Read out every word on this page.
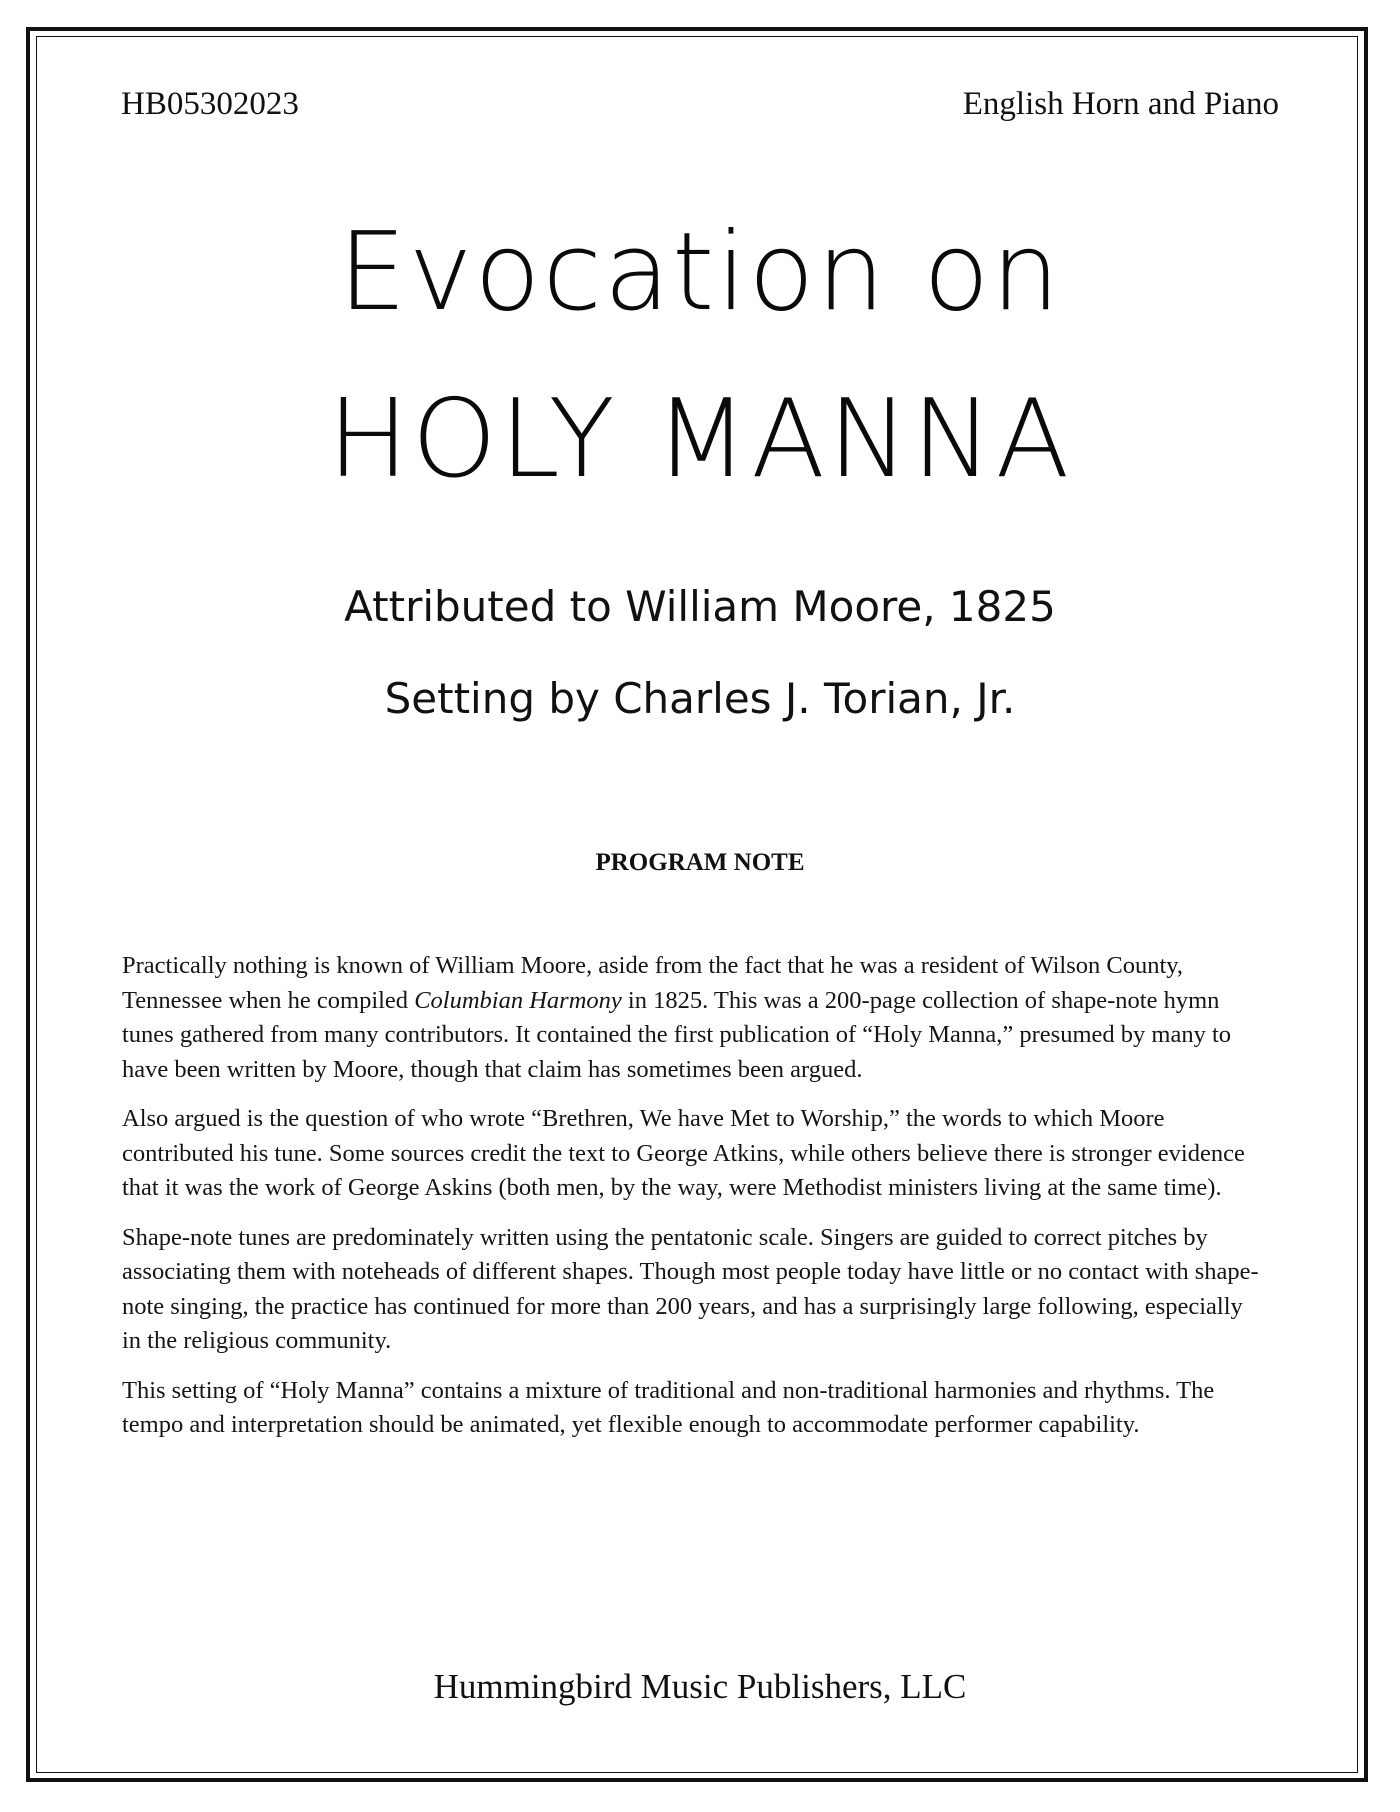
HB05302023	English Horn and Piano
Evocation on
HOLY MANNA
Attributed to William Moore, 1825
Setting by Charles J. Torian, Jr.
PROGRAM NOTE

Practically nothing is known of William Moore, aside from the fact that he was a resident of Wilson County, Tennessee when he compiled Columbian Harmony in 1825. This was a 200-page collection of shape-note hymn tunes gathered from many contributors. It contained the first publication of “Holy Manna,” presumed by many to have been written by Moore, though that claim has sometimes been argued.

Also argued is the question of who wrote “Brethren, We have Met to Worship,” the words to which Moore contributed his tune. Some sources credit the text to George Atkins, while others believe there is stronger evidence that it was the work of George Askins (both men, by the way, were Methodist ministers living at the same time).

Shape-note tunes are predominately written using the pentatonic scale. Singers are guided to correct pitches by associating them with noteheads of different shapes. Though most people today have little or no contact with shape-note singing, the practice has continued for more than 200 years, and has a surprisingly large following, especially in the religious community.

This setting of “Holy Manna” contains a mixture of traditional and non-traditional harmonies and rhythms. The tempo and interpretation should be animated, yet flexible enough to accommodate performer capability.

Hummingbird Music Publishers, LLC
